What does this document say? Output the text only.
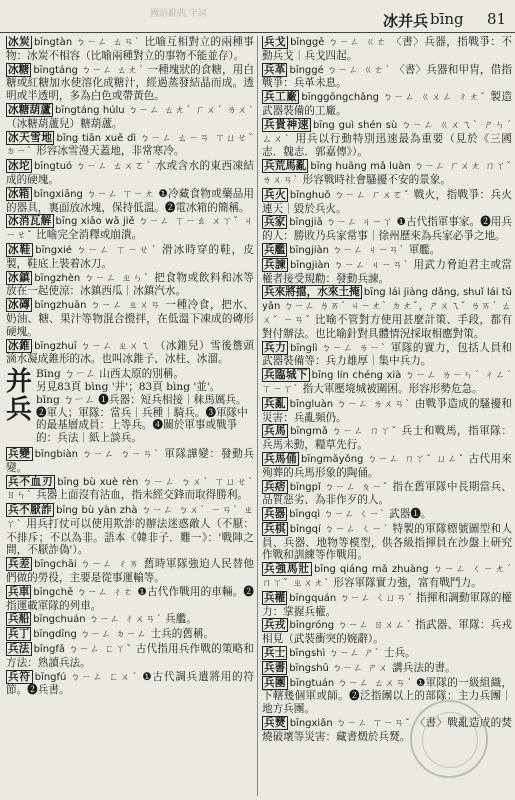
國語辭典 字詞	冰并兵 bīng 81
冰炭 bīngtàn ㄅㄧㄥ ㄊㄢˋ 比喻互相對立的兩種事物：冰炭不相容（比喻兩種對立的事物不能並存）。
冰糖 bīngtáng ㄅㄧㄥ ㄊㄤˊ 一種塊狀的食糖，用白糖或紅糖加水使溶化成糖汁，經過蒸發結晶而成。透明或半透明，多為白色或帶黃色。
冰糖葫蘆 bīngtáng húlu ㄅㄧㄥ ㄊㄤˊ ㄏㄨˊ ㄌㄨ˙ （冰糖葫蘆兒）糖葫蘆。
冰天雪地 bīng tiān xuě dì ㄅㄧㄥ ㄊㄧㄢ ㄒㄩㄝˇ ㄉㄧˋ 形容冰雪漫天蓋地，非常寒冷。
冰坨 bīngtuó ㄅㄧㄥ ㄊㄨㄛˊ 水或含水的東西凍結成的硬塊。
冰箱 bīngxiāng ㄅㄧㄥ ㄒㄧㄤ ❶冷藏食物或藥品用的器具，裏面放冰塊，保持低溫。❷電冰箱的簡稱。
冰消瓦解 bīng xiāo wǎ jiě ㄅㄧㄥ ㄒㄧㄠ ㄨㄚˇ ㄐㄧㄝˇ 比喻完全消釋或崩潰。
冰鞋 bīngxié ㄅㄧㄥ ㄒㄧㄝˊ 滑冰時穿的鞋，皮製，鞋底上裝着冰刀。
冰鎮 bīngzhèn ㄅㄧㄥ ㄓㄣˋ 把食物或飲料和冰等放在一起使涼：冰鎮西瓜｜冰鎮汽水。
冰磚 bīngzhuān ㄅㄧㄥ ㄓㄨㄢ 一種冷食，把水、奶油、糖、果汁等物混合攪拌，在低溫下凍成的磚形硬塊。
冰錐 bīngzhuī ㄅㄧㄥ ㄓㄨㄟ （冰錐兒）雪後簷頭滴水凝成錐形的冰。也叫冰錐子、冰柱、冰溜。
并
兵
Bīng ㄅㄧㄥ 山西太原的別稱。
另見83頁 bìng '并'；83頁 bìng '並'。
bīng ㄅㄧㄥ ❶兵器：短兵相接｜秣馬厲兵。❷軍人；軍隊：當兵｜兵種｜騎兵。❸軍隊中的最基層成員：上等兵。❹關於軍事或戰爭的：兵法｜紙上談兵。
兵變 bīngbiàn ㄅㄧㄥ ㄅㄧㄢˋ 軍隊譁變：發動兵變。
兵不血刃 bīng bù xuè rèn ㄅㄧㄥ ㄅㄨˋ ㄒㄩㄝˋ ㄖㄣˋ 兵器上面沒有沾血，指未經交鋒而取得勝利。
兵不厭詐 bīng bù yàn zhà ㄅㄧㄥ ㄅㄨˋ ㄧㄢˋ ㄓㄚˋ 用兵打仗可以使用欺詐的辦法迷惑敵人（不厭：不排斥；不以為非。語本《韓非子．難一》：'戰陣之間，不厭詐偽'）。
兵差 bīngchāi ㄅㄧㄥ ㄔㄞ 舊時軍隊強迫人民替他們做的勞役，主要是從事運輸等。
兵車 bīngchē ㄅㄧㄥ ㄔㄜ ❶古代作戰用的車輛。❷指運載軍隊的列車。
兵船 bīngchuán ㄅㄧㄥ ㄔㄨㄢˊ 兵艦。
兵丁 bīngdīng ㄅㄧㄥ ㄉㄧㄥ 士兵的舊稱。
兵法 bīngfǎ ㄅㄧㄥ ㄈㄚˇ 古代指用兵作戰的策略和方法：熟讀兵法。
兵符 bīngfú ㄅㄧㄥ ㄈㄨˊ ❶古代調兵遣將用的符節。❷兵書。
兵戈 bīnggē ㄅㄧㄥ ㄍㄜ 〈書〉兵器，指戰爭：不動兵戈｜兵戈四起。
兵革 bīnggé ㄅㄧㄥ ㄍㄜˊ 〈書〉兵器和甲胄，借指戰爭：兵革未息。
兵工廠 bīnggōngchǎng ㄅㄧㄥ ㄍㄨㄥ ㄔㄤˇ 製造武器裝備的工廠。
兵貴神速 bīng guì shén sù ㄅㄧㄥ ㄍㄨㄟˋ ㄕㄣˊ ㄙㄨˋ 用兵以行動特別迅速最為重要（見於《三國志．魏志．郭嘉傳》）。
兵荒馬亂 bīng huāng mǎ luàn ㄅㄧㄥ ㄏㄨㄤ ㄇㄚˇ ㄌㄨㄢˋ 形容戰時社會騷擾不安的景象。
兵火 bīnghuǒ ㄅㄧㄥ ㄏㄨㄛˇ 戰火，指戰爭：兵火連天｜毀於兵火。
兵家 bīngjiā ㄅㄧㄥ ㄐㄧㄚ ❶古代指軍事家。❷用兵的人：勝敗乃兵家常事｜徐州歷來為兵家必爭之地。
兵艦 bīngjiàn ㄅㄧㄥ ㄐㄧㄢˋ 軍艦。
兵諫 bīngjiàn ㄅㄧㄥ ㄐㄧㄢˋ 用武力脅迫君主或當權者接受規勸：發動兵諫。
兵來將擋，水來土掩 bīng lái jiàng dǎng, shuǐ lái tǔ yǎn ㄅㄧㄥ ㄌㄞˊ ㄐㄧㄤˋ ㄉㄤˇ，ㄕㄨㄟˇ ㄌㄞˊ ㄊㄨˇ ㄧㄢˇ 比喻不管對方使用甚麼計策、手段，都有對付辦法。也比喻針對具體情況採取相應對策。
兵力 bīnglì ㄅㄧㄥ ㄌㄧˋ 軍隊的實力，包括人員和武器裝備等：兵力雄厚｜集中兵力。
兵臨城下 bīng lín chéng xià ㄅㄧㄥ ㄌㄧㄣˊ ㄔㄥˊ ㄒㄧㄚˋ 指大軍壓境城被圍困。形容形勢危急。
兵亂 bīngluàn ㄅㄧㄥ ㄌㄨㄢˋ 由戰爭造成的騷擾和災害：兵亂頻仍。
兵馬 bīngmǎ ㄅㄧㄥ ㄇㄚˇ 兵士和戰馬，指軍隊：兵馬未動，糧草先行。
兵馬俑 bīngmǎyǒng ㄅㄧㄥ ㄇㄚˇ ㄩㄥˇ 古代用來殉葬的兵馬形象的陶俑。
兵痞 bīngpǐ ㄅㄧㄥ ㄆㄧˇ 指在舊軍隊中長期當兵、品質惡劣、為非作歹的人。
兵器 bīngqì ㄅㄧㄥ ㄑㄧˋ 武器❶。
兵棋 bīngqí ㄅㄧㄥ ㄑㄧˊ 特製的軍隊標號圖型和人員、兵器、地物等模型，供各級指揮員在沙盤上研究作戰和訓練等作戰用。
兵強馬壯 bīng qiáng mǎ zhuàng ㄅㄧㄥ ㄑㄧㄤˊ ㄇㄚˇ ㄓㄨㄤˋ 形容軍隊實力強，富有戰鬥力。
兵權 bīngquán ㄅㄧㄥ ㄑㄩㄢˊ 指揮和調動軍隊的權力：掌握兵權。
兵戎 bīngróng ㄅㄧㄥ ㄖㄨㄥˊ 指武器、軍隊：兵戎相見（武裝衝突的婉辭）。
兵士 bīngshì ㄅㄧㄥ ㄕˋ 士兵。
兵書 bīngshū ㄅㄧㄥ ㄕㄨ 講兵法的書。
兵團 bīngtuán ㄅㄧㄥ ㄊㄨㄢˊ ❶軍隊的一級組織，下轄幾個軍或師。❷泛指團以上的部隊：主力兵團｜地方兵團。
兵燹 bīngxiǎn ㄅㄧㄥ ㄒㄧㄢˇ 〈書〉戰亂造成的焚燒破壞等災害：藏書燬於兵燹。
